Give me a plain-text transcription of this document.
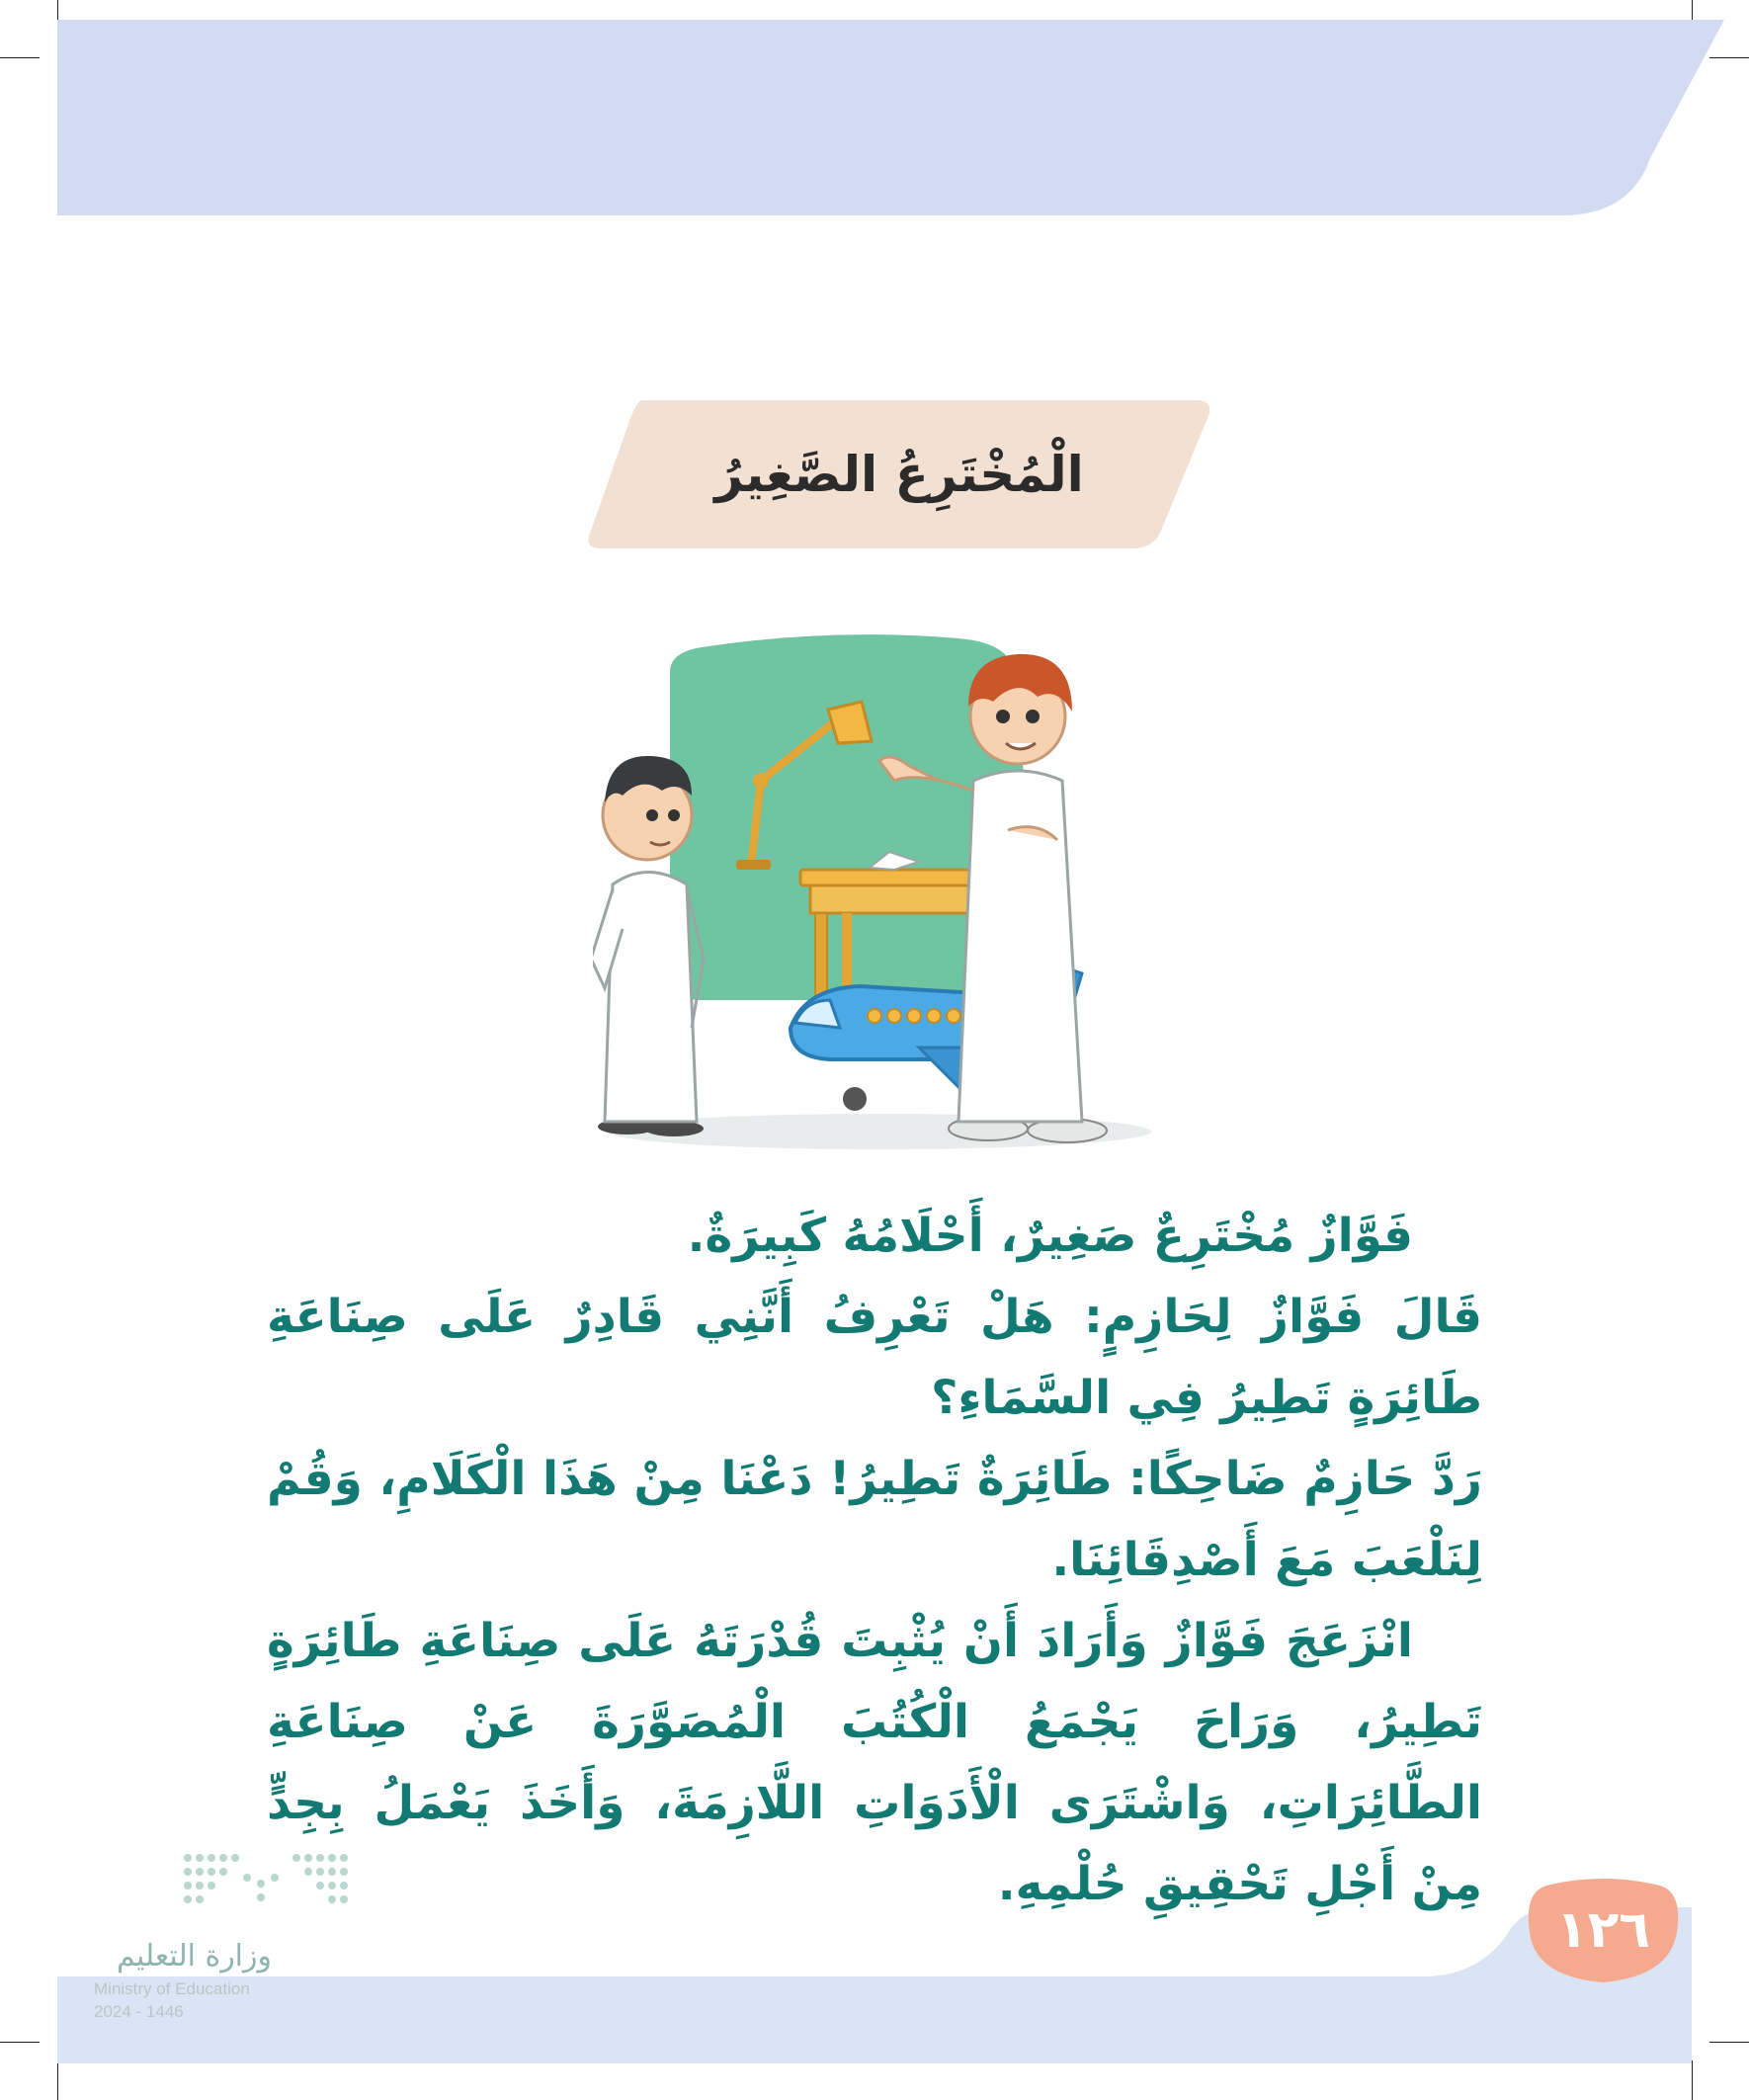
الْمُخْتَرِعُ الصَّغِيرُ

فَوَّازٌ مُخْتَرِعٌ صَغِيرٌ، أَحْلَامُهُ كَبِيرَةٌ.

قَالَ فَوَّازٌ لِحَازِمٍ: هَلْ تَعْرِفُ أَنَّنِي قَادِرٌ عَلَى صِنَاعَةِ طَائِرَةٍ تَطِيرُ فِي السَّمَاءِ؟

رَدَّ حَازِمٌ ضَاحِكًا: طَائِرَةٌ تَطِيرُ! دَعْنَا مِنْ هَذَا الْكَلَامِ، وَقُمْ لِنَلْعَبَ مَعَ أَصْدِقَائِنَا.

انْزَعَجَ فَوَّازٌ وَأَرَادَ أَنْ يُثْبِتَ قُدْرَتَهُ عَلَى صِنَاعَةِ طَائِرَةٍ تَطِيرُ، وَرَاحَ يَجْمَعُ الْكُتُبَ الْمُصَوَّرَةَ عَنْ صِنَاعَةِ الطَّائِرَاتِ، وَاشْتَرَى الْأَدَوَاتِ اللَّازِمَةَ، وَأَخَذَ يَعْمَلُ بِجِدٍّ مِنْ أَجْلِ تَحْقِيقِ حُلْمِهِ.

١٢٦
وزارة التعليم
Ministry of Education
2024 - 1446
